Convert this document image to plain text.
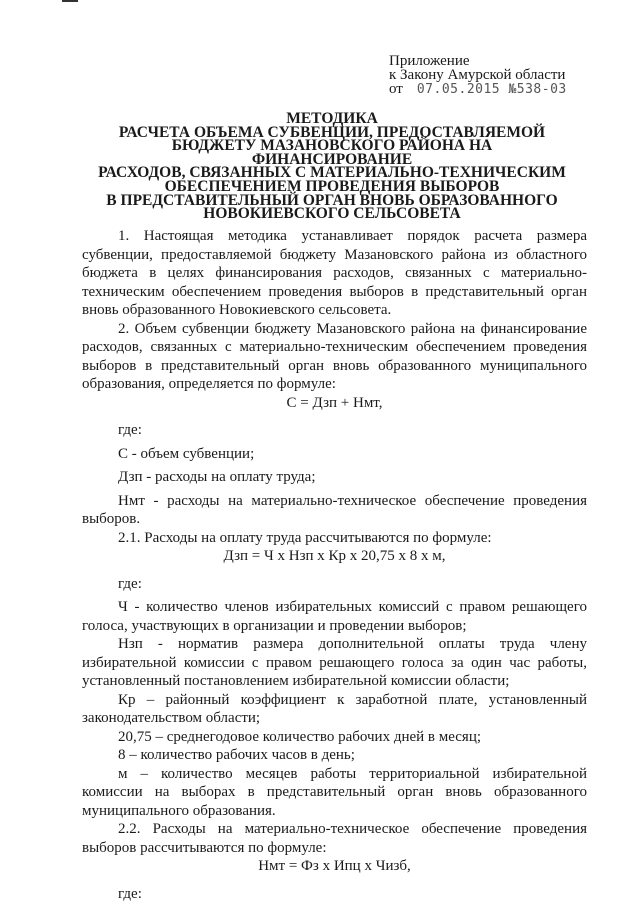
Приложение
к Закону Амурской области
от 07.05.2015 №538-03
МЕТОДИКА
РАСЧЕТА ОБЪЕМА СУБВЕНЦИИ, ПРЕДОСТАВЛЯЕМОЙ
БЮДЖЕТУ МАЗАНОВСКОГО РАЙОНА НА ФИНАНСИРОВАНИЕ
РАСХОДОВ, СВЯЗАННЫХ С МАТЕРИАЛЬНО-ТЕХНИЧЕСКИМ
ОБЕСПЕЧЕНИЕМ ПРОВЕДЕНИЯ ВЫБОРОВ
В ПРЕДСТАВИТЕЛЬНЫЙ ОРГАН ВНОВЬ ОБРАЗОВАННОГО
НОВОКИЕВСКОГО СЕЛЬСОВЕТА

1. Настоящая методика устанавливает порядок расчета размера субвенции, предоставляемой бюджету Мазановского района из областного бюджета в целях финансирования расходов, связанных с материально-техническим обеспечением проведения выборов в представительный орган вновь образованного Новокиевского сельсовета.

2. Объем субвенции бюджету Мазановского района на финансирование расходов, связанных с материально-техническим обеспечением проведения выборов в представительный орган вновь образованного муниципального образования, определяется по формуле:

С = Дзп + Нмт,

где:

С - объем субвенции;

Дзп - расходы на оплату труда;

Нмт - расходы на материально-техническое обеспечение проведения выборов.

2.1. Расходы на оплату труда рассчитываются по формуле:

Дзп = Ч х Нзп х Кр х 20,75 х 8 х м,

где:

Ч - количество членов избирательных комиссий с правом решающего голоса, участвующих в организации и проведении выборов;

Нзп - норматив размера дополнительной оплаты труда члену избирательной комиссии с правом решающего голоса за один час работы, установленный постановлением избирательной комиссии области;

Кр – районный коэффициент к заработной плате, установленный законодательством области;

20,75 – среднегодовое количество рабочих дней в месяц;

8 – количество рабочих часов в день;

м – количество месяцев работы территориальной избирательной комиссии на выборах в представительный орган вновь образованного муниципального образования.

2.2. Расходы на материально-техническое обеспечение проведения выборов рассчитываются по формуле:

Нмт = Фз х Ипц х Чизб,

где:
